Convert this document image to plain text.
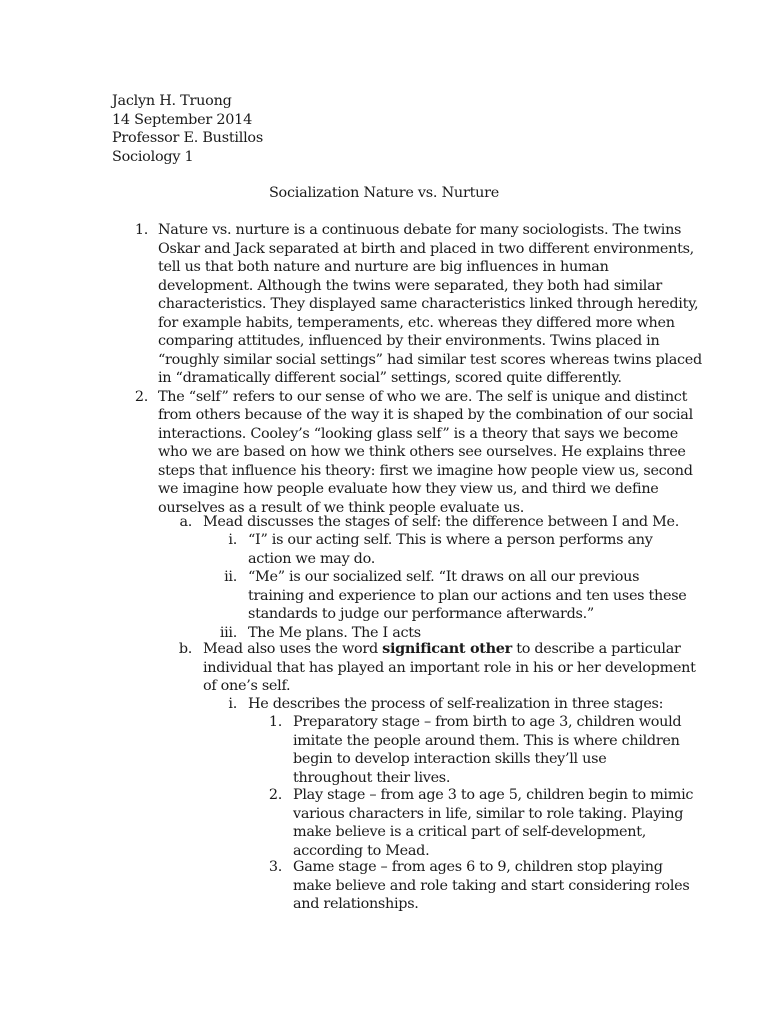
Jaclyn H. Truong
14 September 2014
Professor E. Bustillos
Sociology 1
Socialization Nature vs. Nurture
1. Nature vs. nurture is a continuous debate for many sociologists. The twins
Oskar and Jack separated at birth and placed in two different environments,
tell us that both nature and nurture are big influences in human
development. Although the twins were separated, they both had similar
characteristics. They displayed same characteristics linked through heredity,
for example habits, temperaments, etc. whereas they differed more when
comparing attitudes, influenced by their environments. Twins placed in
“roughly similar social settings” had similar test scores whereas twins placed
in “dramatically different social” settings, scored quite differently.
2. The “self” refers to our sense of who we are. The self is unique and distinct
from others because of the way it is shaped by the combination of our social
interactions. Cooley’s “looking glass self” is a theory that says we become
who we are based on how we think others see ourselves. He explains three
steps that influence his theory: first we imagine how people view us, second
we imagine how people evaluate how they view us, and third we define
ourselves as a result of we think people evaluate us.
a. Mead discusses the stages of self: the difference between I and Me.
i. “I” is our acting self. This is where a person performs any
action we may do.
ii. “Me” is our socialized self. “It draws on all our previous
training and experience to plan our actions and ten uses these
standards to judge our performance afterwards.”
iii. The Me plans. The I acts
b. Mead also uses the word significant other to describe a particular
individual that has played an important role in his or her development
of one’s self.
i. He describes the process of self-realization in three stages:
1. Preparatory stage – from birth to age 3, children would
imitate the people around them. This is where children
begin to develop interaction skills they’ll use
throughout their lives.
2. Play stage – from age 3 to age 5, children begin to mimic
various characters in life, similar to role taking. Playing
make believe is a critical part of self-development,
according to Mead.
3. Game stage – from ages 6 to 9, children stop playing
make believe and role taking and start considering roles
and relationships.
